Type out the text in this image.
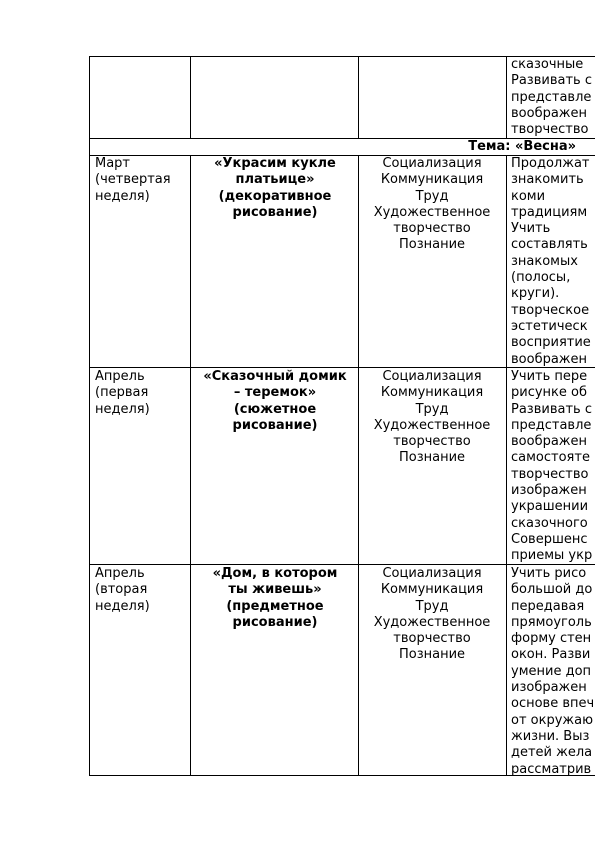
сказочные
Развивать с
представле
воображен
творчество
Тема: «Весна»
Март
(четвертая
неделя)
«Украсим кукле
платьице»
(декоративное
рисование)
Социализация
Коммуникация
Труд
Художественное
творчество
Познание
Продолжат
знакомить
коми
традициям
Учить
составлять
знакомых
(полосы,
круги).
творческое
эстетическ
восприятие
воображен
Апрель
(первая
неделя)
«Сказочный домик
– теремок»
(сюжетное
рисование)
Социализация
Коммуникация
Труд
Художественное
творчество
Познание
Учить пере
рисунке об
Развивать с
представле
воображен
самостояте
творчество
изображен
украшении
сказочного
Совершенс
приемы укр
Апрель
(вторая
неделя)
«Дом, в котором
ты живешь»
(предметное
рисование)
Социализация
Коммуникация
Труд
Художественное
творчество
Познание
Учить рисо
большой до
передавая
прямоуголь
форму стен
окон. Разви
умение доп
изображен
основе впеч
от окружаю
жизни. Выз
детей жела
рассматрив
